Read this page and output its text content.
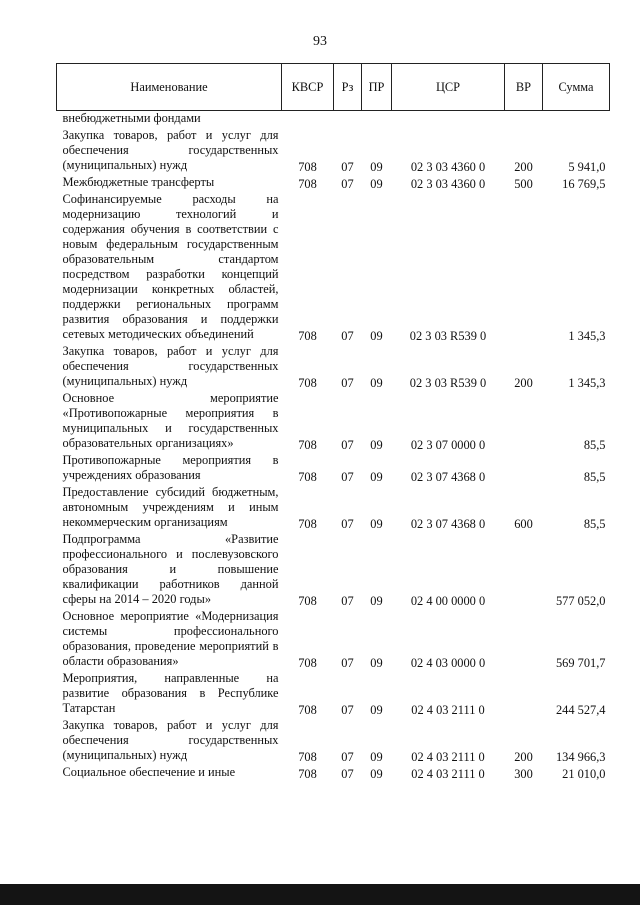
93
Наименование	КВСР	Рз	ПР	ЦСР	ВР	Сумма
внебюджетными фондами						
Закупка товаров, работ и услуг для обеспечения государственных (муниципальных) нужд	708	07	09	02 3 03 4360 0	200	5 941,0
Межбюджетные трансферты	708	07	09	02 3 03 4360 0	500	16 769,5
Софинансируемые расходы на модернизацию технологий и содержания обучения в соответствии с новым федеральным государственным образовательным стандартом посредством разработки концепций модернизации конкретных областей, поддержки региональных программ развития образования и поддержки сетевых методических объединений	708	07	09	02 3 03 R539 0		1 345,3
Закупка товаров, работ и услуг для обеспечения государственных (муниципальных) нужд	708	07	09	02 3 03 R539 0	200	1 345,3
Основное мероприятие «Противопожарные мероприятия в муниципальных и государственных образовательных организациях»	708	07	09	02 3 07 0000 0		85,5
Противопожарные мероприятия в учреждениях образования	708	07	09	02 3 07 4368 0		85,5
Предоставление субсидий бюджетным, автономным учреждениям и иным некоммерческим организациям	708	07	09	02 3 07 4368 0	600	85,5
Подпрограмма «Развитие профессионального и послевузовского образования и повышение квалификации работников данной сферы на 2014 – 2020 годы»	708	07	09	02 4 00 0000 0		577 052,0
Основное мероприятие «Модернизация системы профессионального образования, проведение мероприятий в области образования»	708	07	09	02 4 03 0000 0		569 701,7
Мероприятия, направленные на развитие образования в Республике Татарстан	708	07	09	02 4 03 2111 0		244 527,4
Закупка товаров, работ и услуг для обеспечения государственных (муниципальных) нужд	708	07	09	02 4 03 2111 0	200	134 966,3
Социальное обеспечение и иные	708	07	09	02 4 03 2111 0	300	21 010,0
